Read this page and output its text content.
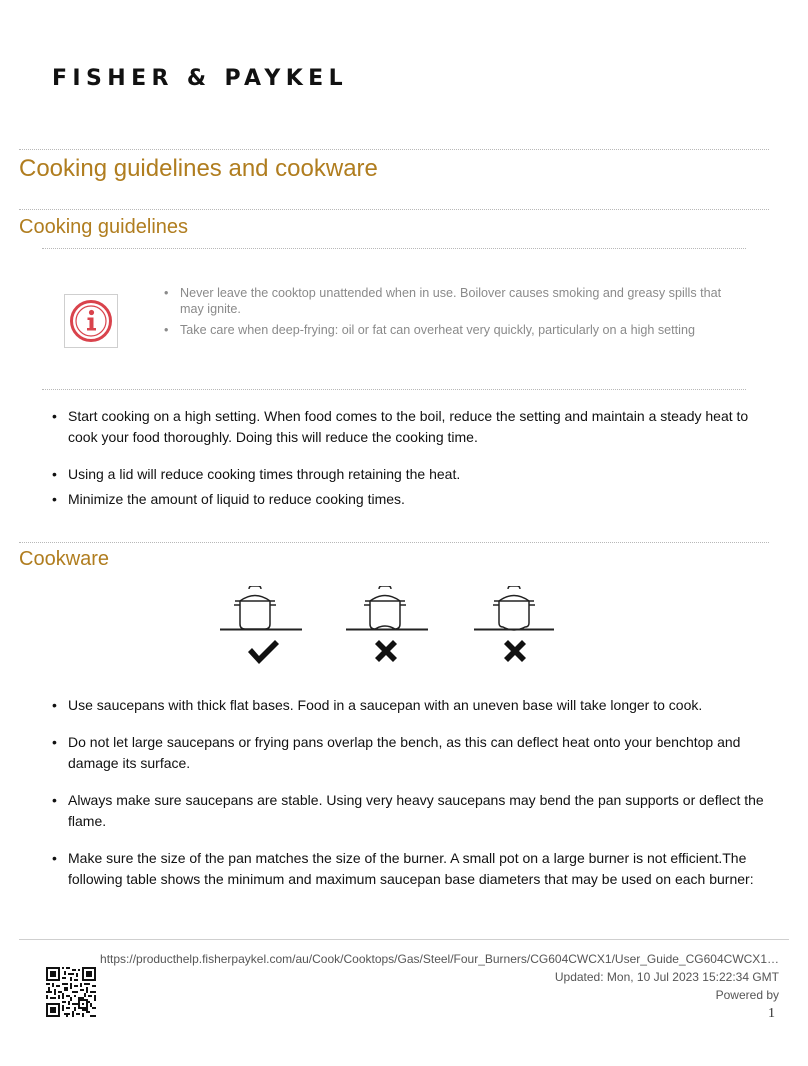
FISHER & PAYKEL
Cooking guidelines and cookware
Cooking guidelines
• Never leave the cooktop unattended when in use. Boilover causes smoking and greasy spills that may ignite.
• Take care when deep-frying: oil or fat can overheat very quickly, particularly on a high setting
• Start cooking on a high setting. When food comes to the boil, reduce the setting and maintain a steady heat to cook your food thoroughly. Doing this will reduce the cooking time.
• Using a lid will reduce cooking times through retaining the heat.
• Minimize the amount of liquid to reduce cooking times.
Cookware
• Use saucepans with thick flat bases. Food in a saucepan with an uneven base will take longer to cook.
• Do not let large saucepans or frying pans overlap the bench, as this can deflect heat onto your benchtop and damage its surface.
• Always make sure saucepans are stable. Using very heavy saucepans may bend the pan supports or deflect the flame.
• Make sure the size of the pan matches the size of the burner. A small pot on a large burner is not efficient.The following table shows the minimum and maximum saucepan base diameters that may be used on each burner:
https://producthelp.fisherpaykel.com/au/Cook/Cooktops/Gas/Steel/Four_Burners/CG604CWCX1/User_Guide_CG604CWCX1…
Updated: Mon, 10 Jul 2023 15:22:34 GMT
Powered by
1
